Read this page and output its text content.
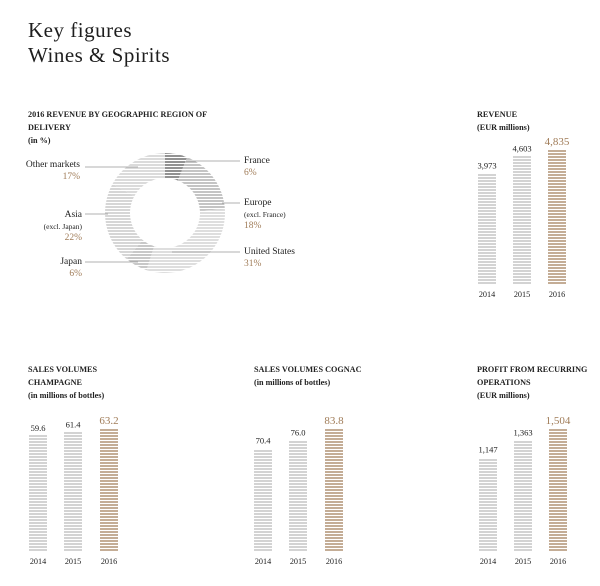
Key figures
Wines & Spirits
2016 REVENUE BY GEOGRAPHIC REGION OF DELIVERY
(in %)
REVENUE
(EUR millions)
SALES VOLUMES CHAMPAGNE
(in millions of bottles)
SALES VOLUMES COGNAC
(in millions of bottles)
PROFIT FROM RECURRING OPERATIONS
(EUR millions)
Other markets
17%
Asia
(excl. Japan)
22%
Japan
6%
France
6%
Europe
(excl. France)
18%
United States
31%
3,973
2014
4,603
2015
4,835
2016
59.6
2014
61.4
2015
63.2
2016
70.4
2014
76.0
2015
83.8
2016
1,147
2014
1,363
2015
1,504
2016
